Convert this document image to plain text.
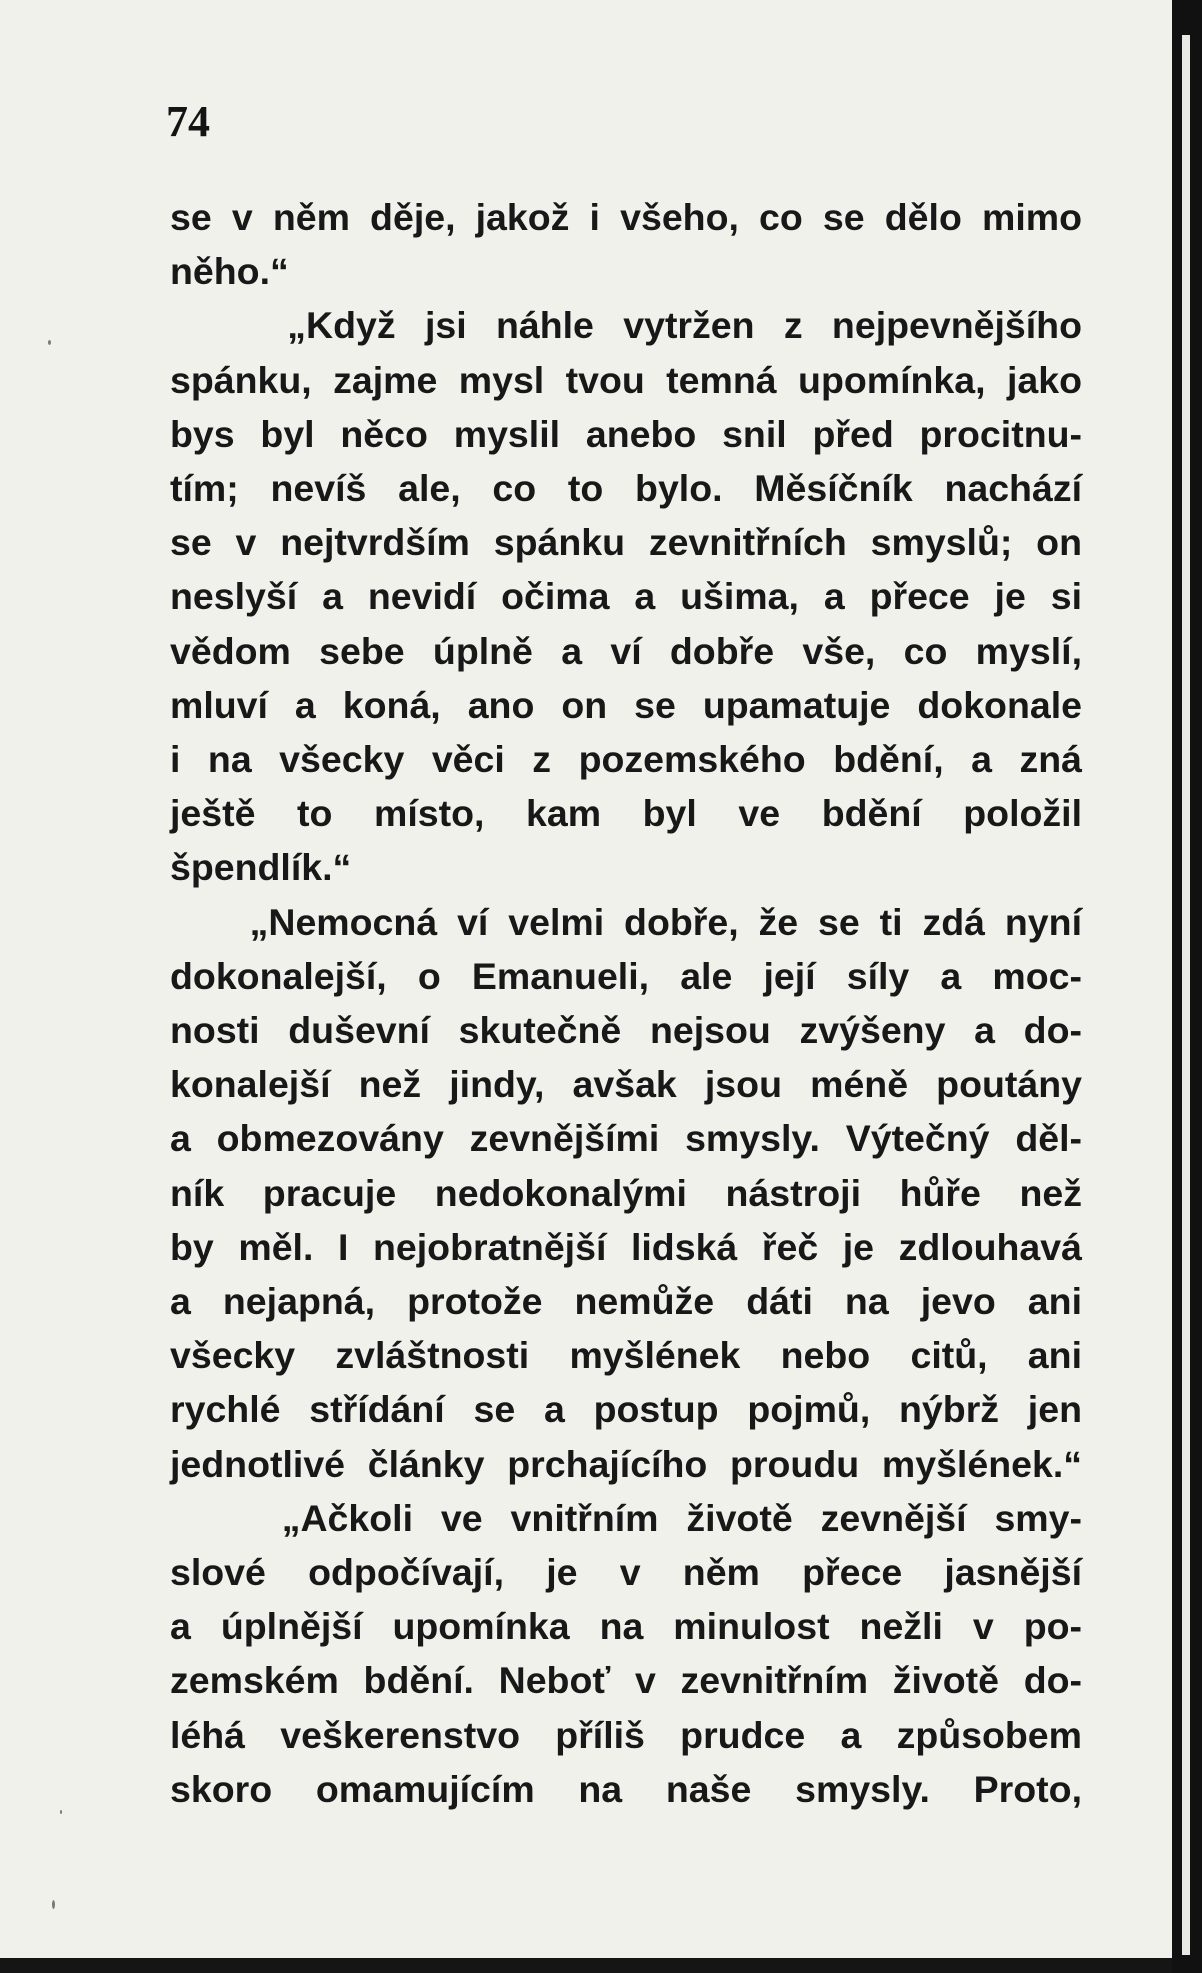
74
se v něm děje, jakož i všeho, co se dělo mimo
něho.“
„Když jsi náhle vytržen z nejpevnějšího
spánku, zajme mysl tvou temná upomínka, jako
bys byl něco myslil anebo snil před procitnu-
tím; nevíš ale, co to bylo. Měsíčník nachází
se v nejtvrdším spánku zevnitřních smyslů; on
neslyší a nevidí očima a ušima, a přece je si
vědom sebe úplně a ví dobře vše, co myslí,
mluví a koná, ano on se upamatuje dokonale
i na všecky věci z pozemského bdění, a zná
ještě to místo, kam byl ve bdění položil
špendlík.“
„Nemocná ví velmi dobře, že se ti zdá nyní
dokonalejší, o Emanueli, ale její síly a moc-
nosti duševní skutečně nejsou zvýšeny a do-
konalejší než jindy, avšak jsou méně poutány
a obmezovány zevnějšími smysly. Výtečný děl-
ník pracuje nedokonalými nástroji hůře než
by měl. I nejobratnější lidská řeč je zdlouhavá
a nejapná, protože nemůže dáti na jevo ani
všecky zvláštnosti myšlének nebo citů, ani
rychlé střídání se a postup pojmů, nýbrž jen
jednotlivé články prchajícího proudu myšlének.“
„Ačkoli ve vnitřním životě zevnější smy-
slové odpočívají, je v něm přece jasnější
a úplnější upomínka na minulost nežli v po-
zemském bdění. Neboť v zevnitřním životě do-
léhá veškerenstvo příliš prudce a způsobem
skoro omamujícím na naše smysly. Proto,
